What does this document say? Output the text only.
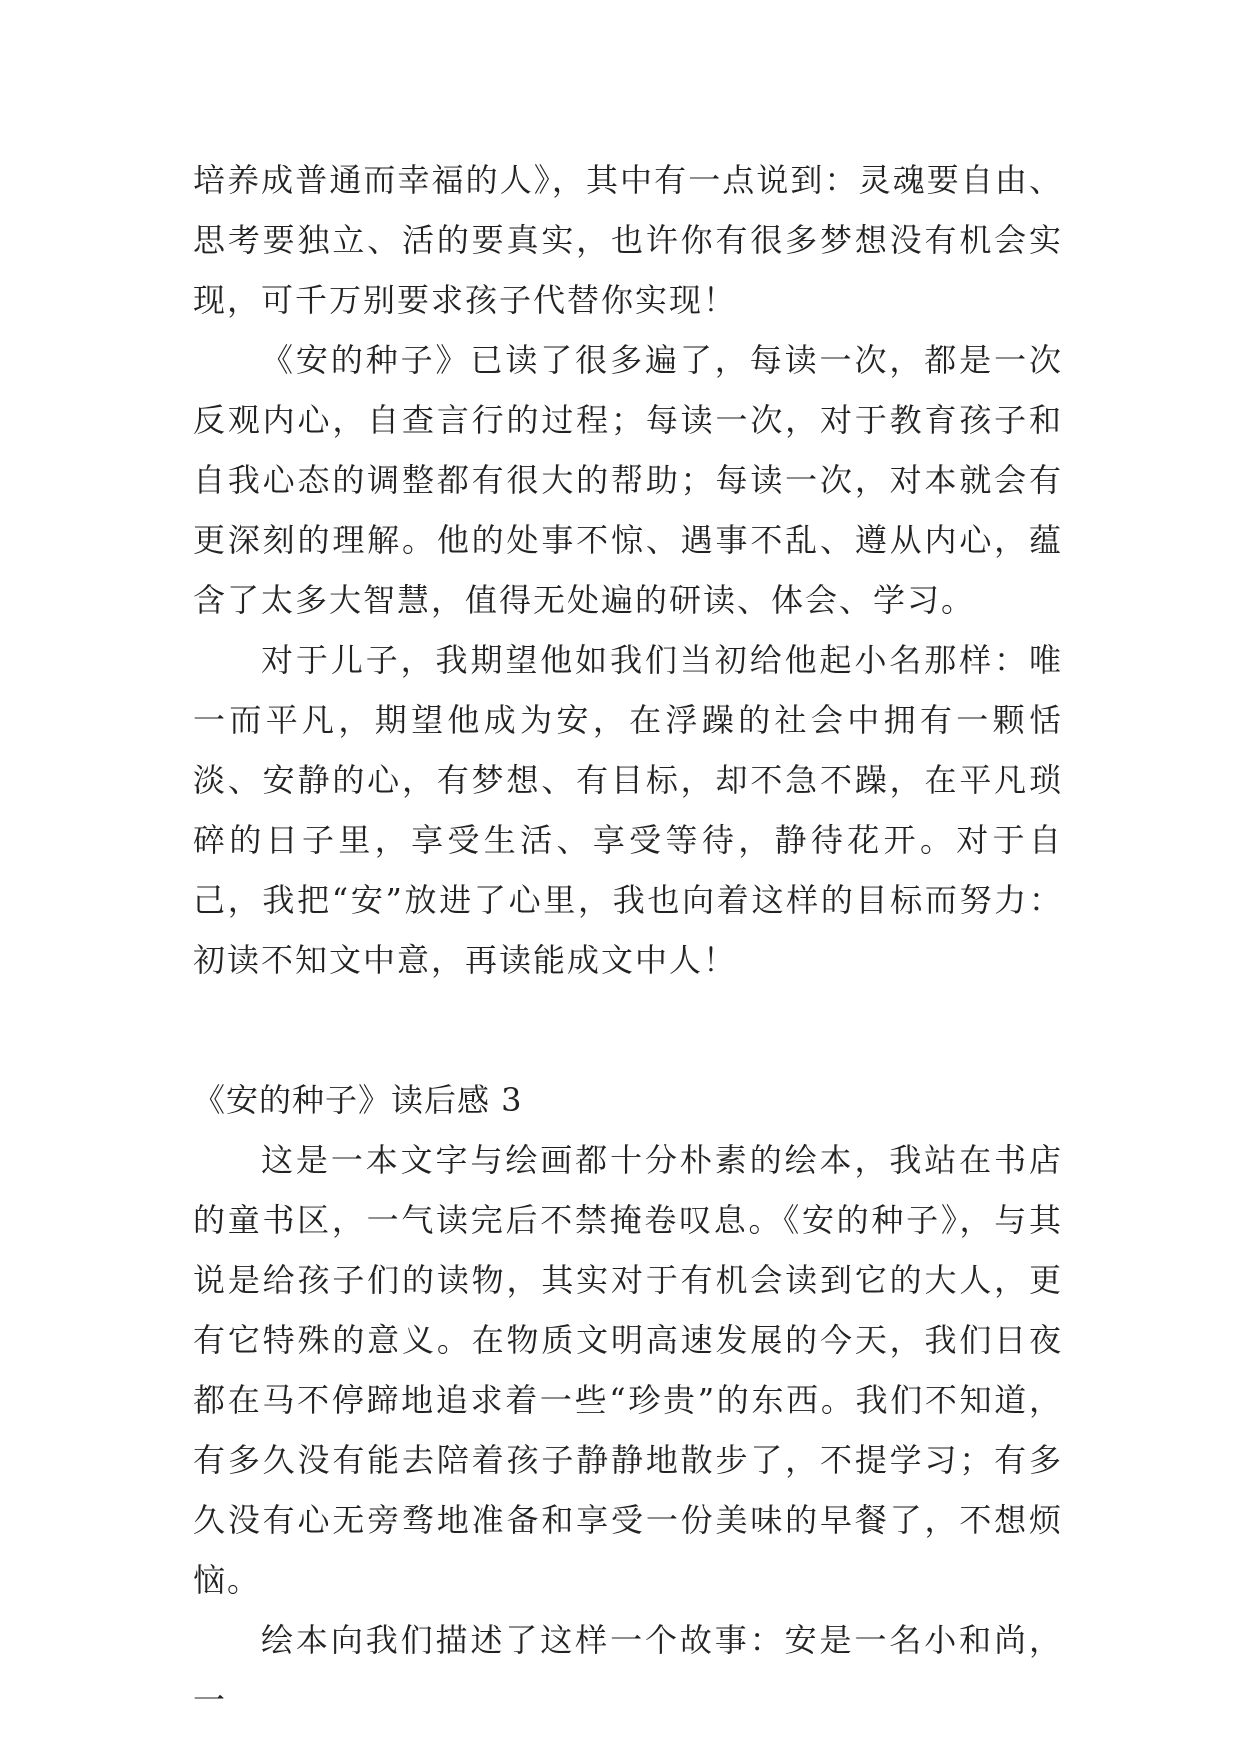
培养成普通而幸福的人》，其中有一点说到：灵魂要自由、思考要独立、活的要真实，也许你有很多梦想没有机会实现，可千万别要求孩子代替你实现！

《安的种子》已读了很多遍了，每读一次，都是一次反观内心，自查言行的过程；每读一次，对于教育孩子和自我心态的调整都有很大的帮助；每读一次，对本就会有更深刻的理解。他的处事不惊、遇事不乱、遵从内心，蕴含了太多大智慧，值得无处遍的研读、体会、学习。

对于儿子，我期望他如我们当初给他起小名那样：唯一而平凡，期望他成为安，在浮躁的社会中拥有一颗恬淡、安静的心，有梦想、有目标，却不急不躁，在平凡琐碎的日子里，享受生活、享受等待，静待花开。对于自己，我把“安”放进了心里，我也向着这样的目标而努力：初读不知文中意，再读能成文中人！

《安的种子》读后感 3

这是一本文字与绘画都十分朴素的绘本，我站在书店的童书区，一气读完后不禁掩卷叹息。《安的种子》，与其说是给孩子们的读物，其实对于有机会读到它的大人，更有它特殊的意义。在物质文明高速发展的今天，我们日夜都在马不停蹄地追求着一些“珍贵”的东西。我们不知道，有多久没有能去陪着孩子静静地散步了，不提学习；有多久没有心无旁骛地准备和享受一份美味的早餐了，不想烦恼。

绘本向我们描述了这样一个故事：安是一名小和尚，一
